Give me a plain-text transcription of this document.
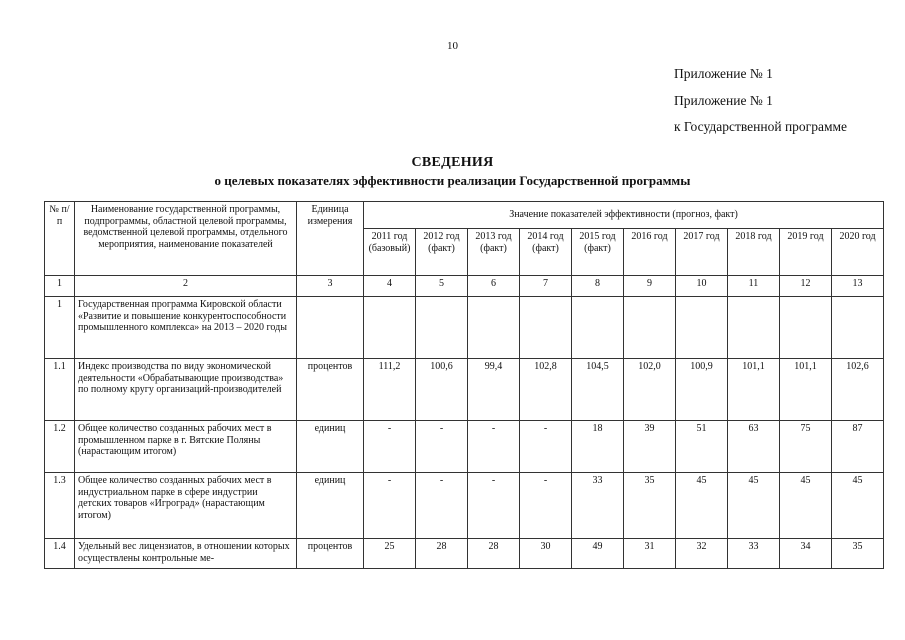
10
Приложение № 1
Приложение № 1
к Государственной программе
СВЕДЕНИЯ
о целевых показателях эффективности реализации Государственной программы
№ п/п	Наименование государственной программы, подпрограммы, областной целевой программы, ведомственной целевой программы, отдельного мероприятия, наименование показателей	Единица измерения	Значение показателей эффективности (прогноз, факт)									
			2011 год (базовый)	2012 год (факт)	2013 год (факт)	2014 год (факт)	2015 год (факт)	2016 год	2017 год	2018 год	2019 год	2020 год
1	2	3	4	5	6	7	8	9	10	11	12	13
1	Государственная программа Кировской области «Развитие и повышение конкурентоспособности промышленного комплекса» на 2013 – 2020 годы											
1.1	Индекс производства по виду экономической деятельности «Обрабатывающие производства» по полному кругу организаций-производителей	процентов	111,2	100,6	99,4	102,8	104,5	102,0	100,9	101,1	101,1	102,6
1.2	Общее количество созданных рабочих мест в промышленном парке в г. Вятские Поляны (нарастающим итогом)	единиц	-	-	-	-	18	39	51	63	75	87
1.3	Общее количество созданных рабочих мест в индустриальном парке в сфере индустрии детских товаров «Игроград» (нарастающим итогом)	единиц	-	-	-	-	33	35	45	45	45	45
1.4	Удельный вес лицензиатов, в отношении которых осуществлены контрольные ме-	процентов	25	28	28	30	49	31	32	33	34	35
